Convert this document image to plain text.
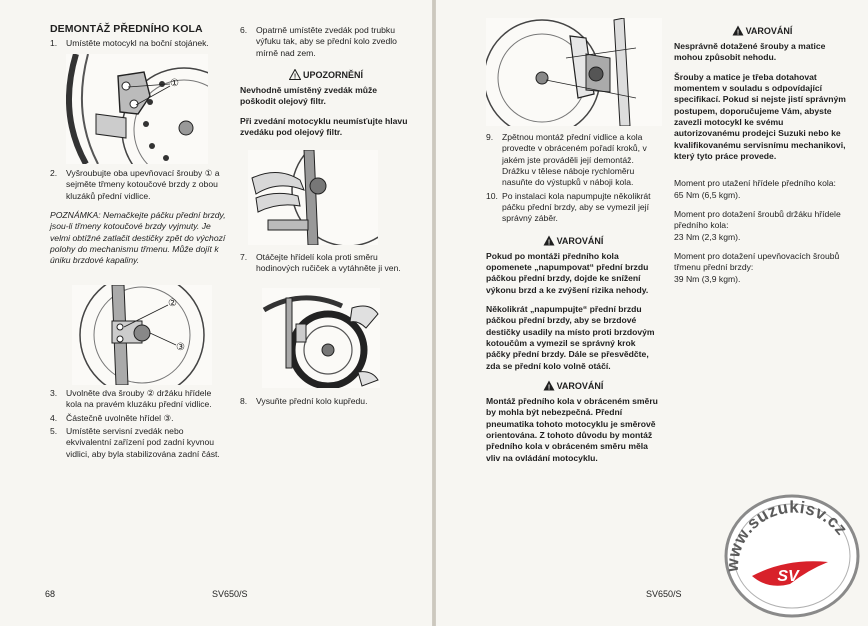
DEMONTÁŽ PŘEDNÍHO KOLA
1.	Umístěte motocykl na boční stojánek.
①
2.	Vyšroubujte oba upevňovací šrouby ① a sejměte třmeny kotoučové brzdy z obou kluzáků přední vidlice.
POZNÁMKA: Nemačkejte páčku přední brzdy, jsou-li třmeny kotoučové brzdy vyjmuty. Je velmi obtížné zatlačit destičky zpět do výchozí polohy do mechanismu třmenu. Může dojít k úniku brzdové kapaliny.
②
③
3.	Uvolněte dva šrouby ② držáku hřídele kola na pravém kluzáku přední vidlice.
4.	Částečně uvolněte hřídel ③.
5.	Umístěte servisní zvedák nebo ekvivalentní zařízení pod zadní kyvnou vidlici, aby byla stabilizována zadní část.
6.	Opatrně umístěte zvedák pod trubku výfuku tak, aby se přední kolo zvedlo mírně nad zem.
! UPOZORNĚNÍ

Nevhodně umístěný zvedák může poškodit olejový filtr.

Při zvedání motocyklu neumísťujte hlavu zvedáku pod olejový filtr.

7.	Otáčejte hřídelí kola proti směru hodinových ručiček a vytáhněte ji ven.
8.	Vysuňte přední kolo kupředu.
68	SV650/S
9.	Zpětnou montáž přední vidlice a kola provedte v obráceném pořadí kroků, v jakém jste prováděli její demontáž. Drážku v tělese náboje rychloměru nasuňte do výstupků v náboji kola.
10. Po instalaci kola napumpujte několikrát páčku přední brzdy, aby se vymezil její správný záběr.
! VAROVÁNÍ

Pokud po montáži předního kola opomenete „napumpovat“ přední brzdu páčkou přední brzdy, dojde ke snížení výkonu brzd a ke zvýšení rizika nehody.

Několikrát „napumpujte“ přední brzdu páčkou přední brzdy, aby se brzdové destičky usadily na místo proti brzdovým kotoučům a vymezil se správný krok páčky přední brzdy. Dále se přesvědčte, zda se přední kolo volně otáčí.

! VAROVÁNÍ

Montáž předního kola v obráceném směru by mohla být nebezpečná. Přední pneumatika tohoto motocyklu je směrově orientována. Z tohoto důvodu by montáž předního kola v obráceném směru měla vliv na ovládání motocyklu.

! VAROVÁNÍ

Nesprávně dotažené šrouby a matice mohou způsobit nehodu.

Šrouby a matice je třeba dotahovat momentem v souladu s odpovídající specifikací. Pokud si nejste jistí správným postupem, doporučujeme Vám, abyste zavezli motocykl ke svému autorizovanému prodejci Suzuki nebo ke kvalifikovanému servisnímu mechanikovi, který tyto práce provede.

Moment pro utažení hřídele předního kola:
65 Nm (6,5 kgm).

Moment pro dotažení šroubů držáku hřídele předního kola:
23 Nm (2,3 kgm).

Moment pro dotažení upevňovacích šroubů třmenu přední brzdy:
39 Nm (3,9 kgm).

SV650/S
www.suzukisv.cz
SV
